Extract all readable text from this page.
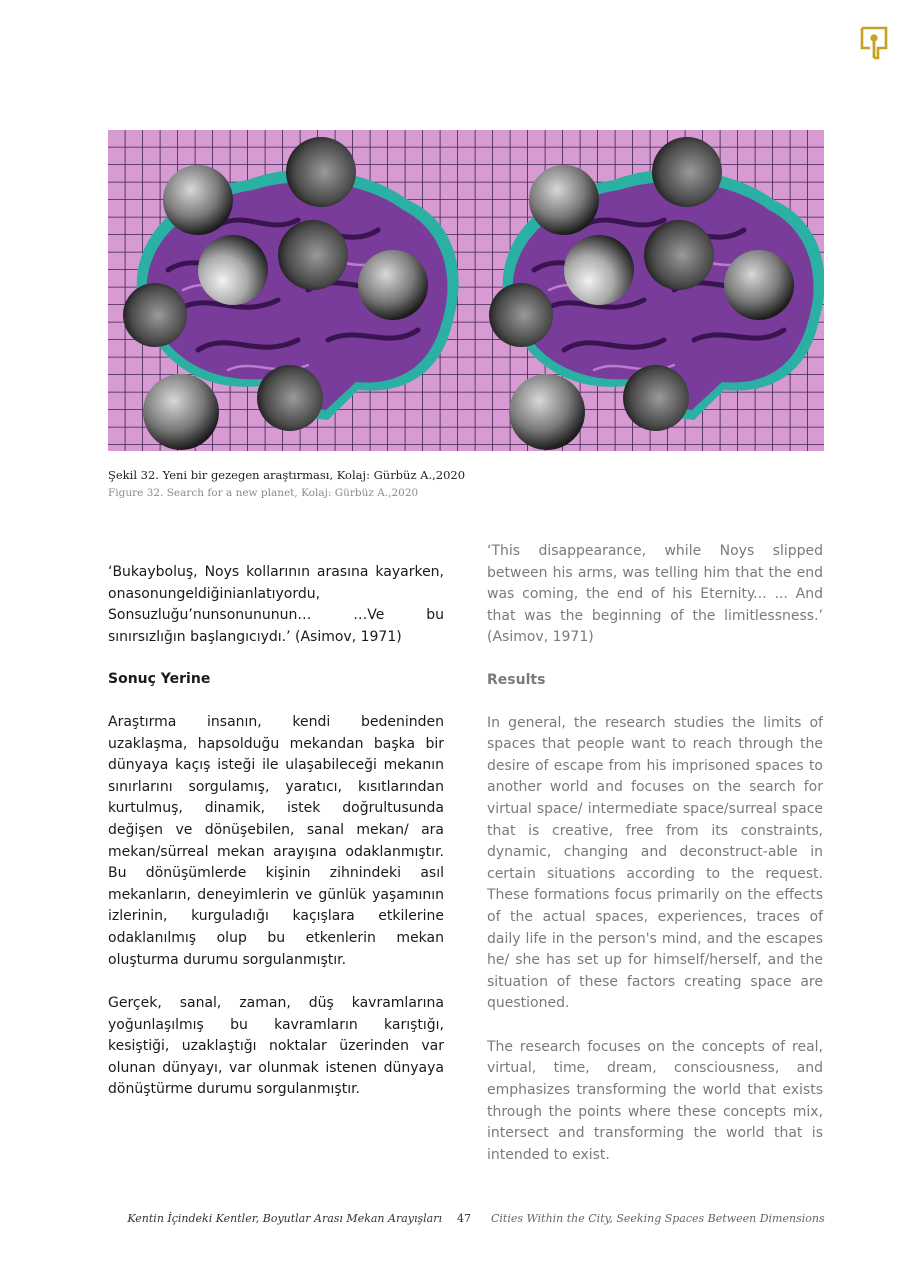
Şekil 32. Yeni bir gezegen araştırması, Kolaj: Gürbüz A.,2020
Figure 32. Search for a new planet, Kolaj: Gürbüz A.,2020

‘Bukayboluş, Noys kollarının arasına kayarken, onasonungeldiğinianlatıyordu, Sonsuzluğu’nunsonununun… …Ve bu sınırsızlığın başlangıcıydı.’ (Asimov, 1971)

Sonuç Yerine

Araştırma insanın, kendi bedeninden uzaklaşma, hapsolduğu mekandan başka bir dünyaya kaçış isteği ile ulaşabileceği mekanın sınırlarını sorgulamış, yaratıcı, kısıtlarından kurtulmuş, dinamik, istek doğrultusunda değişen ve dönüşebilen, sanal mekan/ ara mekan/sürreal mekan arayışına odaklanmıştır. Bu dönüşümlerde kişinin zihnindeki asıl mekanların, deneyimlerin ve günlük yaşamının izlerinin, kurguladığı kaçışlara etkilerine odaklanılmış olup bu etkenlerin mekan oluşturma durumu sorgulanmıştır.

Gerçek, sanal, zaman, düş kavramlarına yoğunlaşılmış bu kavramların karıştığı, kesiştiği, uzaklaştığı noktalar üzerinden var olunan dünyayı, var olunmak istenen dünyaya dönüştürme durumu sorgulanmıştır.

‘This disappearance, while Noys slipped between his arms, was telling him that the end was coming, the end of his Eternity... ... And that was the beginning of the limitlessness.’ (Asimov, 1971)

Results

In general, the research studies the limits of spaces that people want to reach through the desire of escape from his imprisoned spaces to another world and focuses on the search for virtual space/ intermediate space/surreal space that is creative, free from its constraints, dynamic, changing and deconstruct-able in certain situations according to the request. These formations focus primarily on the effects of the actual spaces, experiences, traces of daily life in the person's mind, and the escapes he/ she has set up for himself/herself, and the situation of these factors creating space are questioned.

The research focuses on the concepts of real, virtual, time, dream, consciousness, and emphasizes transforming the world that exists through the points where these concepts mix, intersect and transforming the world that is intended to exist.

Kentin İçindeki Kentler, Boyutlar Arası Mekan Arayışları 47 Cities Within the City, Seeking Spaces Between Dimensions
